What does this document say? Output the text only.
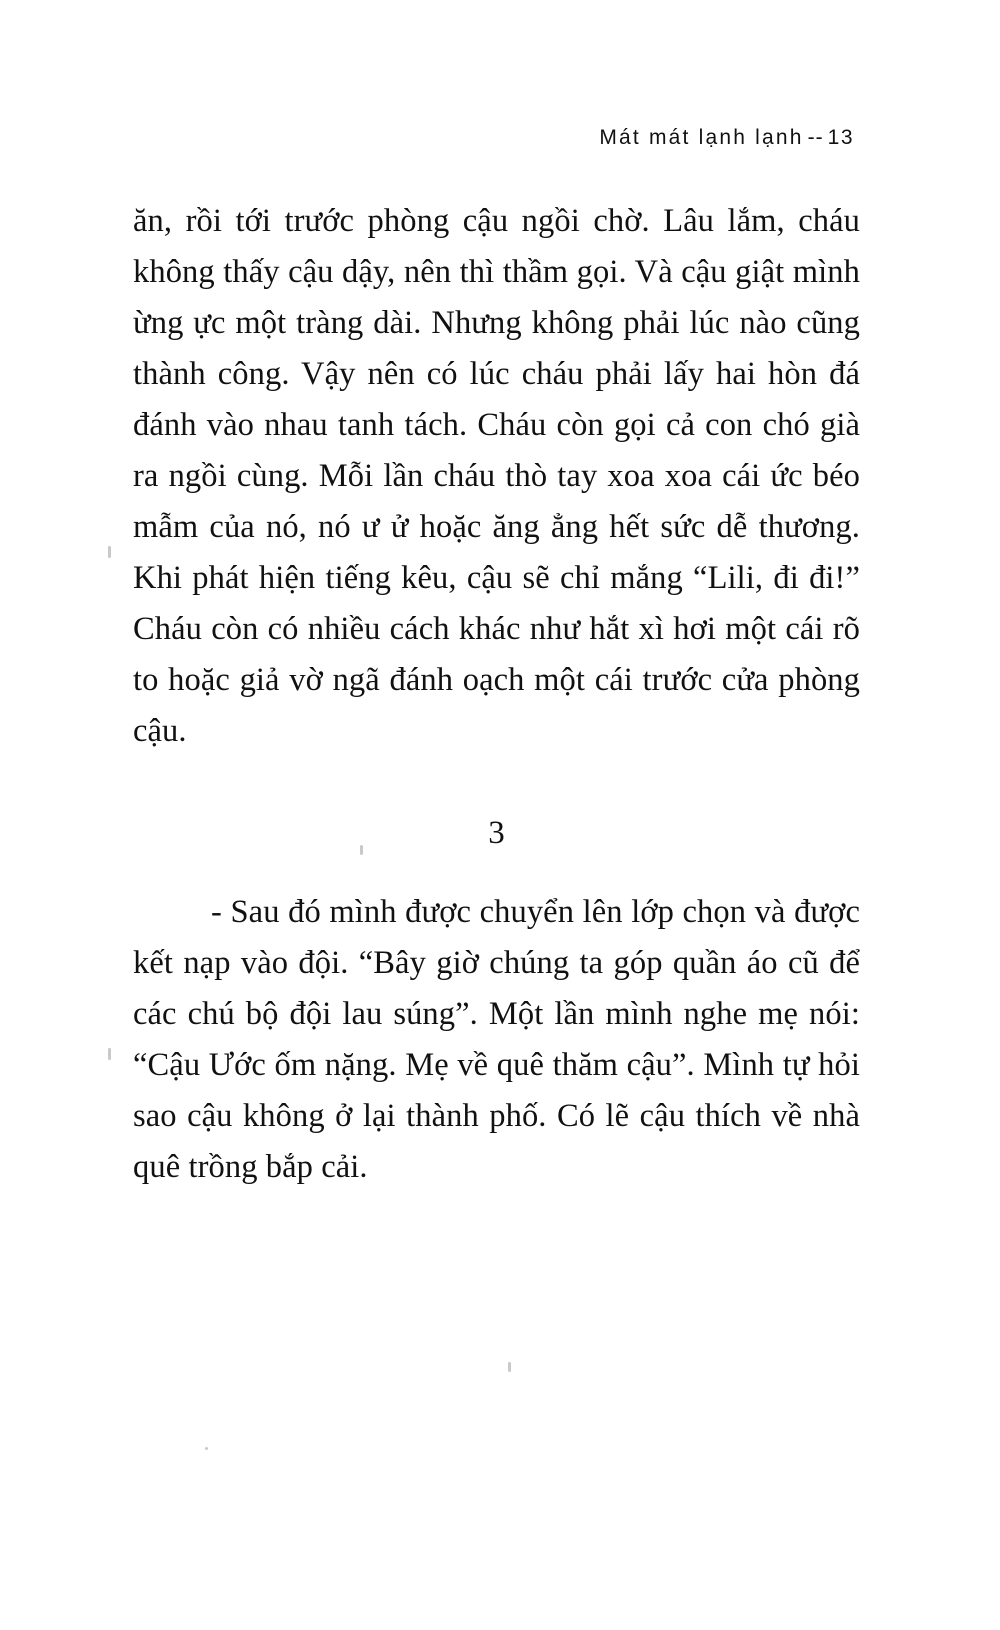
Mát mát lạnh lạnh -- 13

ăn, rồi tới trước phòng cậu ngồi chờ. Lâu lắm, cháu không thấy cậu dậy, nên thì thầm gọi. Và cậu giật mình ừng ực một tràng dài. Nhưng không phải lúc nào cũng thành công. Vậy nên có lúc cháu phải lấy hai hòn đá đánh vào nhau tanh tách. Cháu còn gọi cả con chó già ra ngồi cùng. Mỗi lần cháu thò tay xoa xoa cái ức béo mẫm của nó, nó ư ử hoặc ăng ẳng hết sức dễ thương. Khi phát hiện tiếng kêu, cậu sẽ chỉ mắng “Lili, đi đi!” Cháu còn có nhiều cách khác như hắt xì hơi một cái rõ to hoặc giả vờ ngã đánh oạch một cái trước cửa phòng cậu.

3

- Sau đó mình được chuyển lên lớp chọn và được kết nạp vào đội. “Bây giờ chúng ta góp quần áo cũ để các chú bộ đội lau súng”. Một lần mình nghe mẹ nói: “Cậu Ước ốm nặng. Mẹ về quê thăm cậu”. Mình tự hỏi sao cậu không ở lại thành phố. Có lẽ cậu thích về nhà quê trồng bắp cải.
